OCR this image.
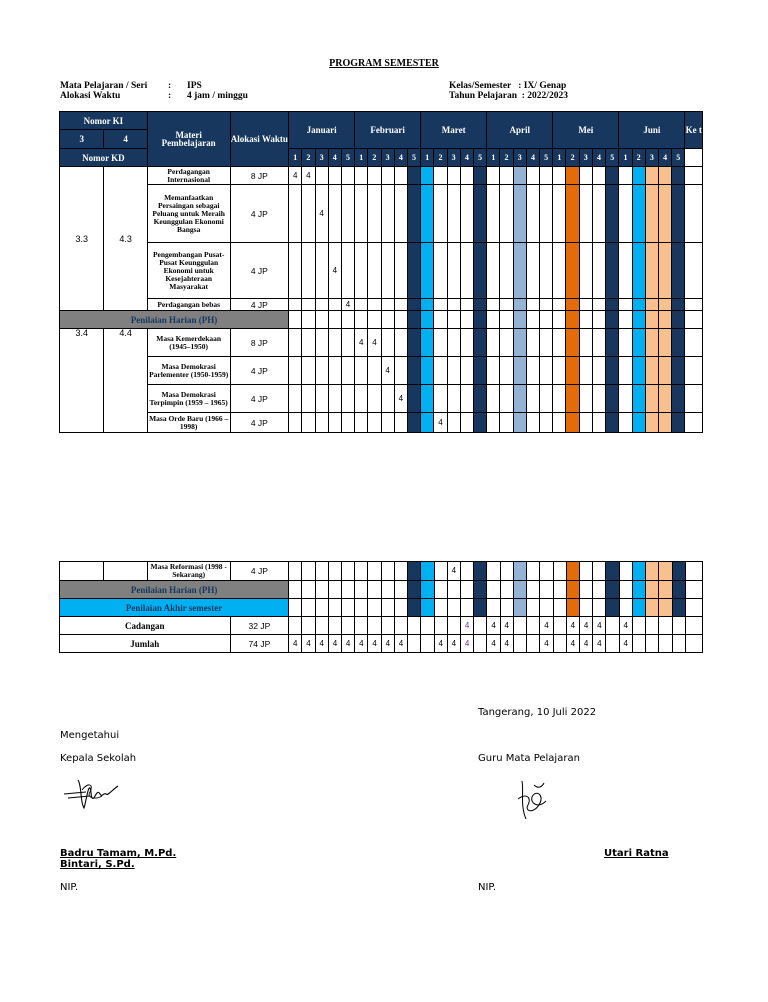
PROGRAM SEMESTER
Mata Pelajaran / Seri : IPS
Alokasi Waktu	: 4 jam / minggu
Kelas/Semester   : IX/ Genap
Tahun Pelajaran  : 2022/2023
Nomor KI		Materi Pembelajaran	Alokasi Waktu	Januari					Februari					Maret					April					Mei					Juni					Ke t
3	4																																	
Nomor KD				1	2	3	4	5	1	2	3	4	5	1	2	3	4	5	1	2	3	4	5	1	2	3	4	5	1	2	3	4	5	
3.3	4.3	Perdagangan Internasional	8 JP	4	4																													
		Memanfaatkan Persaingan sebagai Peluang untuk Meraih Keunggulan Ekonomi Bangsa	4 JP			4																												
		Pengembangan Pusat-Pusat Keunggulan Ekonomi untuk Kesejahteraan Masyarakat	4 JP				4																											
		Perdagangan bebas	4 JP					4																										
Penilaian Harian (PH)																																		
3.4	4.4	Masa Kemerdekaan (1945–1950)	8 JP						4	4																								
		Masa Demokrasi Parlementer (1950-1959)	4 JP								4																							
		Masa Demokrasi Terpimpin (1959 – 1965)	4 JP									4																						
		Masa Orde Baru (1966 – 1998)	4 JP												4																			
		Masa Reformasi (1998 - Sekarang)	4 JP													4																		
Penilaian Harian (PH)																																		
Penilaian Akhir semester																																		
Cadangan			32 JP														4		4	4			4		4	4	4		4					
Jumlah			74 JP	4	4	4	4	4	4	4	4	4			4	4	4		4	4			4		4	4	4		4					
Tangerang, 10 Juli 2022
Mengetahui
Kepala Sekolah	Guru Mata Pelajaran
Badru Tamam, M.Pd.	Utari Ratna
Bintari, S.Pd.
NIP.	NIP.
